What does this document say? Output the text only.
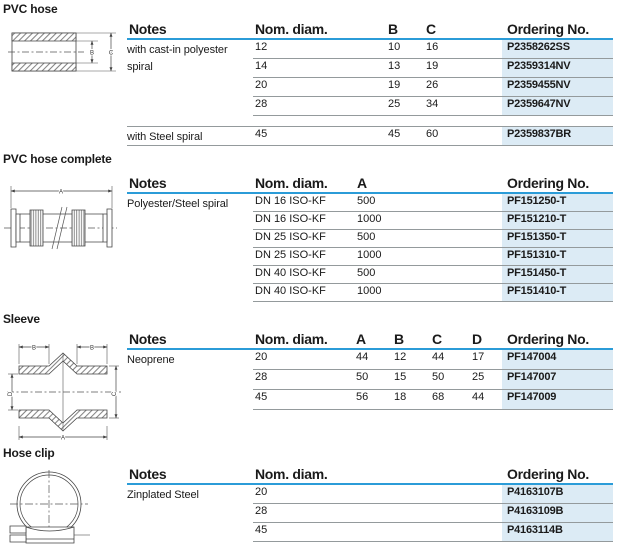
PVC hose
B C
Notes	Nom. diam.	B	C	Ordering No.
with cast-in polyester spiral
12	10	16	P2358262SS
14	13	19	P2359314NV
20	19	26	P2359455NV
28	25	34	P2359647NV
with Steel spiral	45	45	60	P2359837BR
PVC hose complete
A
Notes	Nom. diam.	A	Ordering No.
Polyester/Steel spiral	DN 16 ISO-KF	500	PF151250-T
DN 16 ISO-KF	1000	PF151210-T
DN 25 ISO-KF	500	PF151350-T
DN 25 ISO-KF	1000	PF151310-T
DN 40 ISO-KF	500	PF151450-T
DN 40 ISO-KF	1000	PF151410-T
Sleeve
B	B
D	C
A
Notes	Nom. diam.	A	B	C	D	Ordering No.
Neoprene	20	44	12	44	17	PF147004
28	50	15	50	25	PF147007
45	56	18	68	44	PF147009
Hose clip
Notes	Nom. diam.	Ordering No.
Zinplated Steel	20	P4163107B
28	P4163109B
45	P4163114B
